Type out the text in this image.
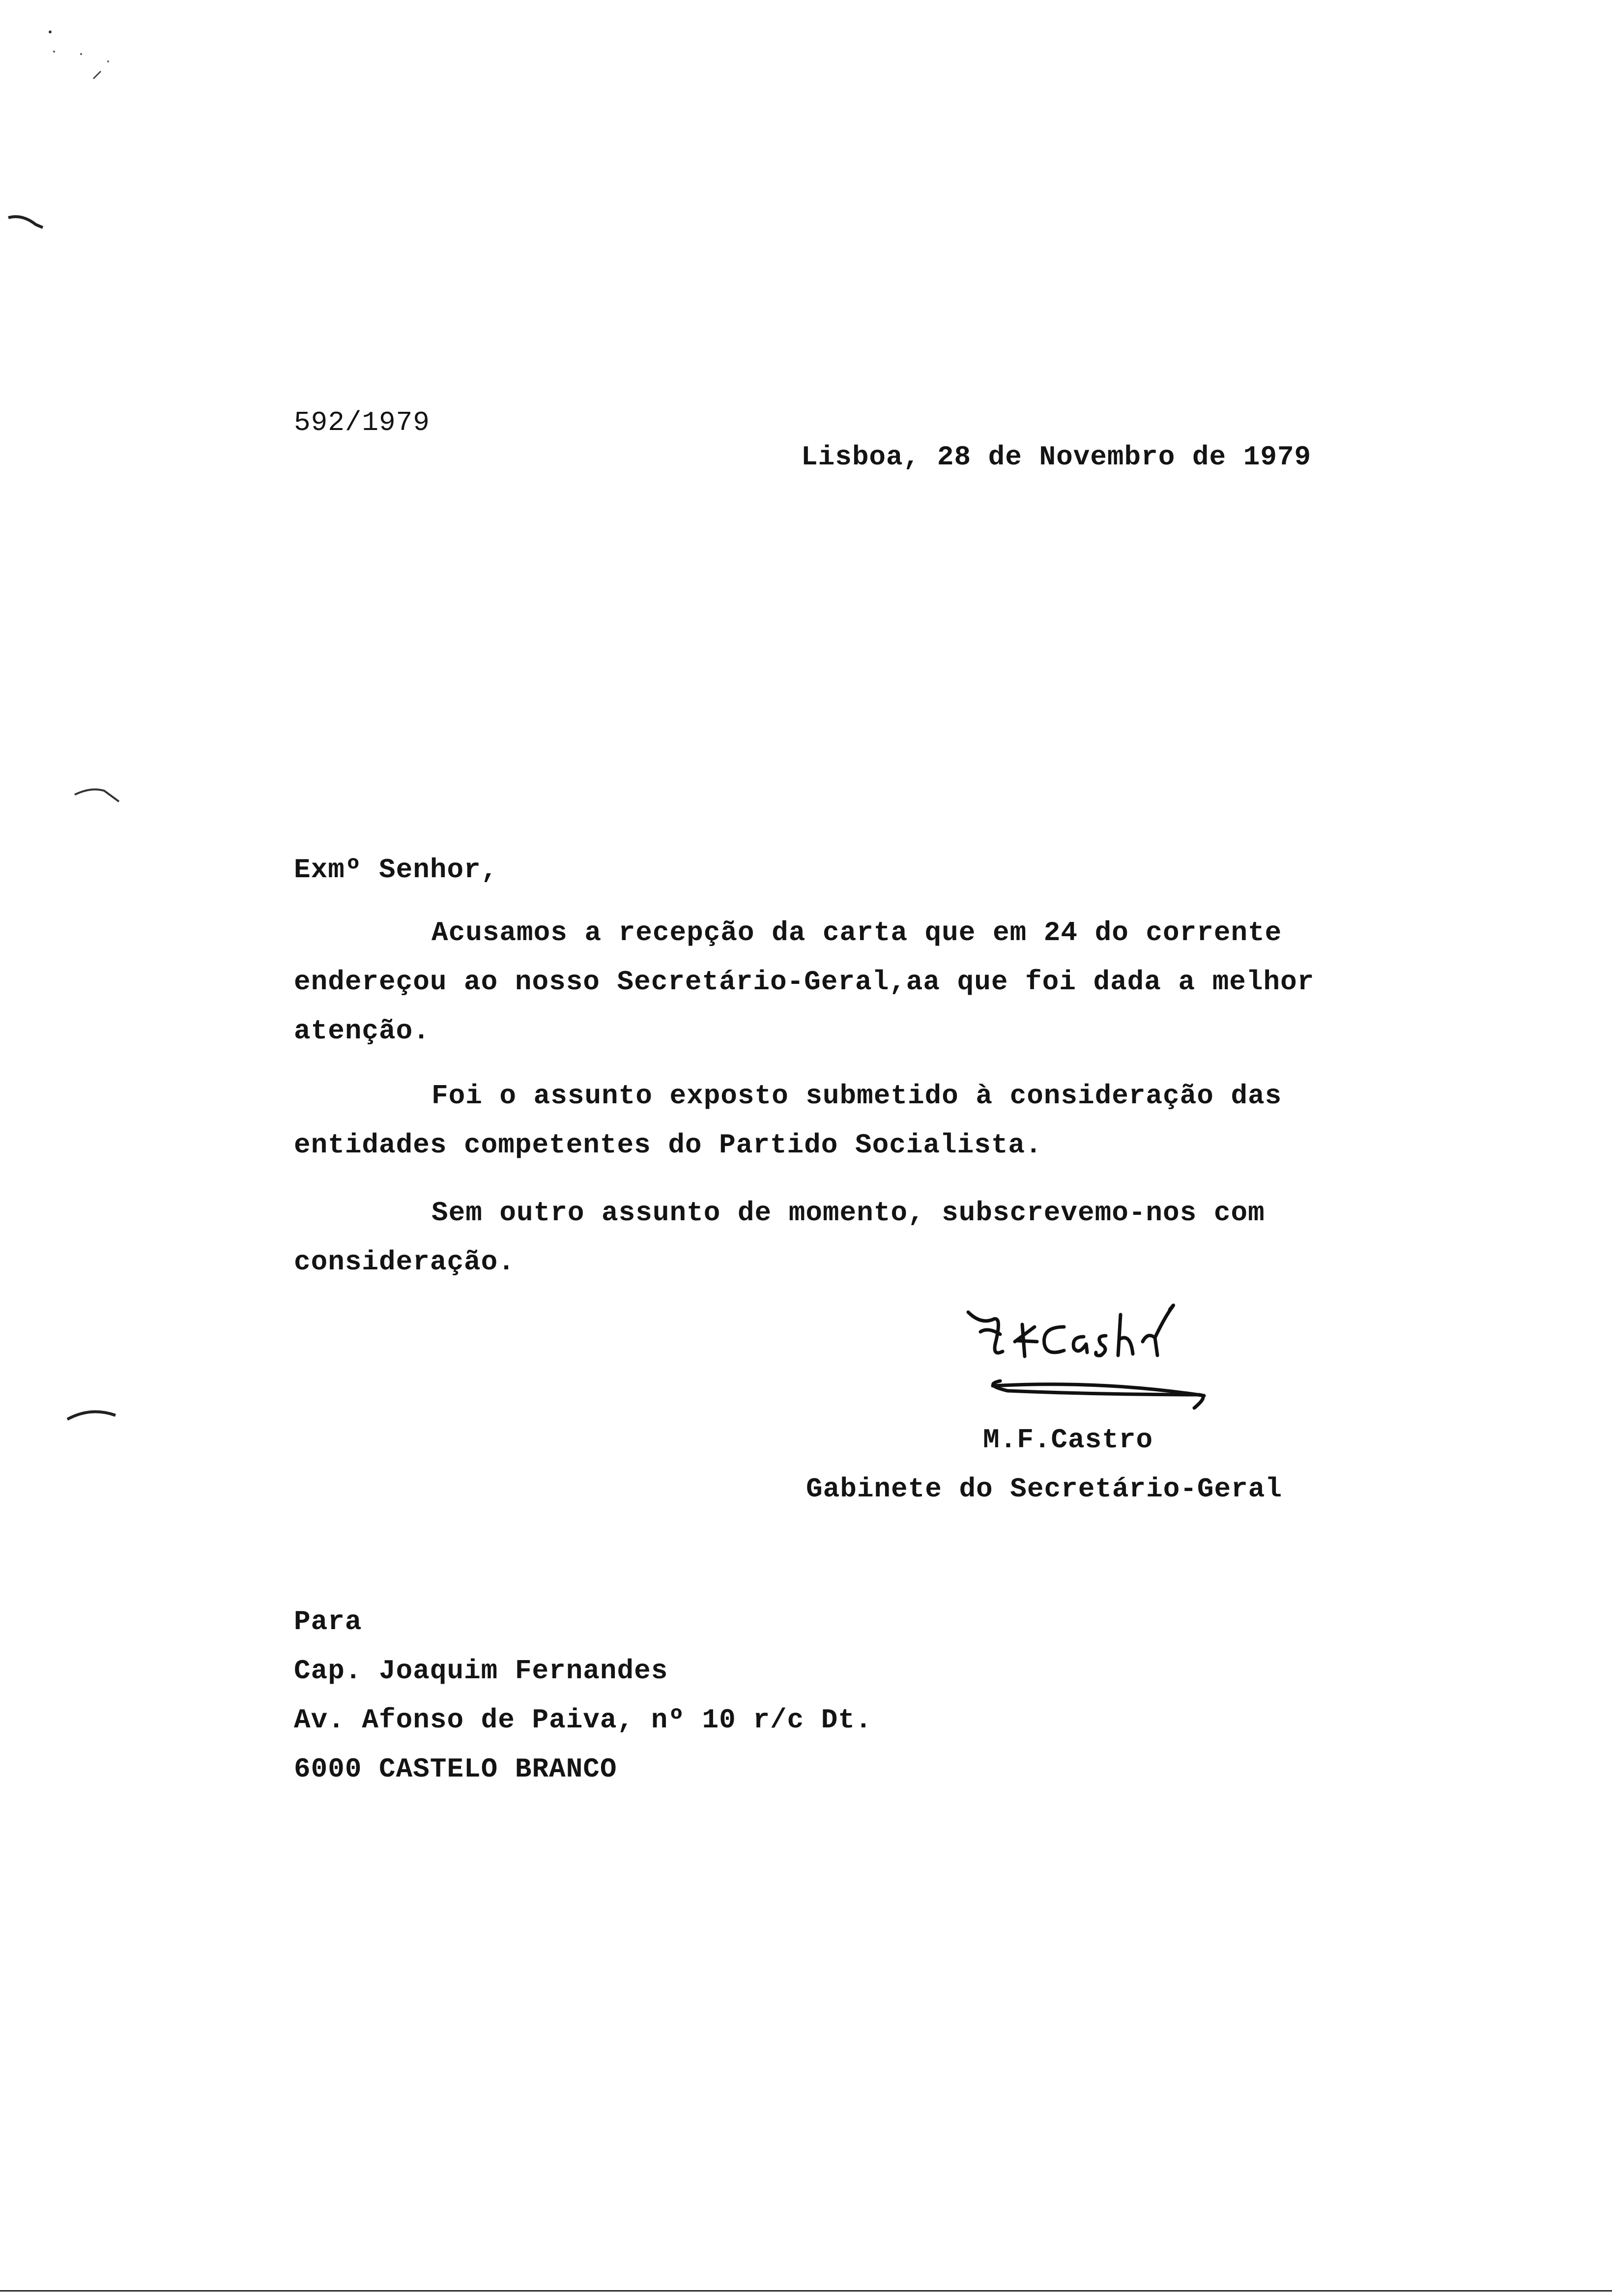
592/1979
Lisboa, 28 de Novembro de 1979
Exmº Senhor,
Acusamos a recepção da carta que em 24 do corrente
endereçou ao nosso Secretário-Geral,aa que foi dada a melhor
atenção.
Foi o assunto exposto submetido à consideração das
entidades competentes do Partido Socialista.
Sem outro assunto de momento, subscrevemo-nos com
consideração.
M.F.Castro
Gabinete do Secretário-Geral
Para
Cap. Joaquim Fernandes
Av. Afonso de Paiva, nº 10 r/c Dt.
6000 CASTELO BRANCO
